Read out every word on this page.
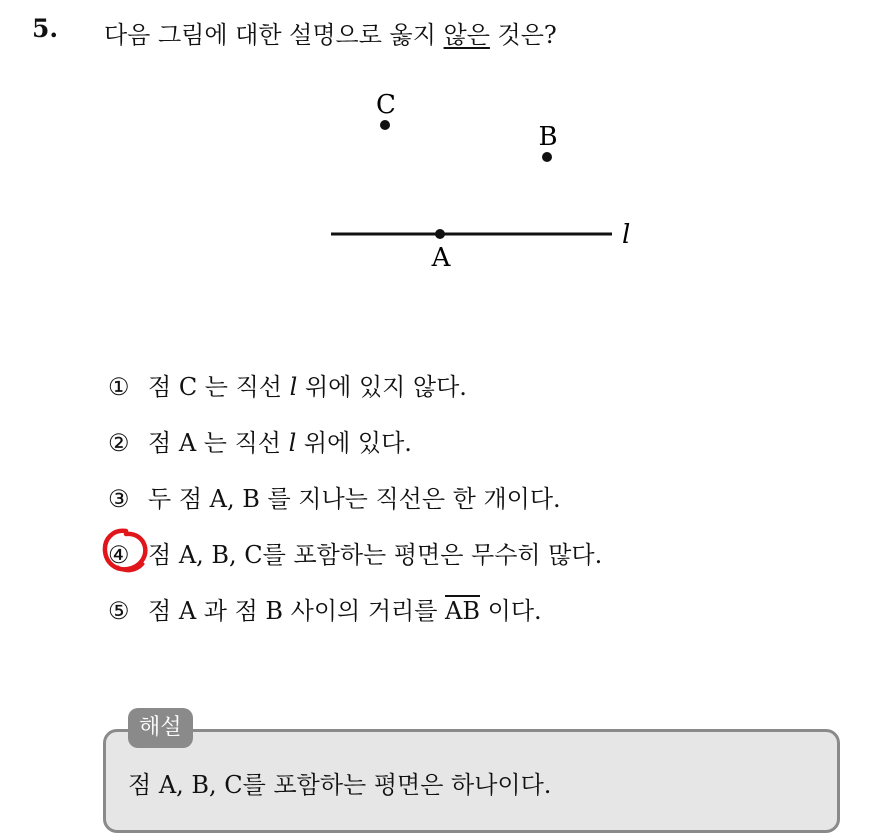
5. 다음 그림에 대한 설명으로 옳지 않은 것은?
C
B
A
l
① 점 C 는 직선 l 위에 있지 않다.
② 점 A 는 직선 l 위에 있다.
③ 두 점 A, B 를 지나는 직선은 한 개이다.
④ 점 A, B, C를 포함하는 평면은 무수히 많다.
⑤ 점 A 과 점 B 사이의 거리를 $\overline{AB}$ 이다.
해설
점 A, B, C를 포함하는 평면은 하나이다.
